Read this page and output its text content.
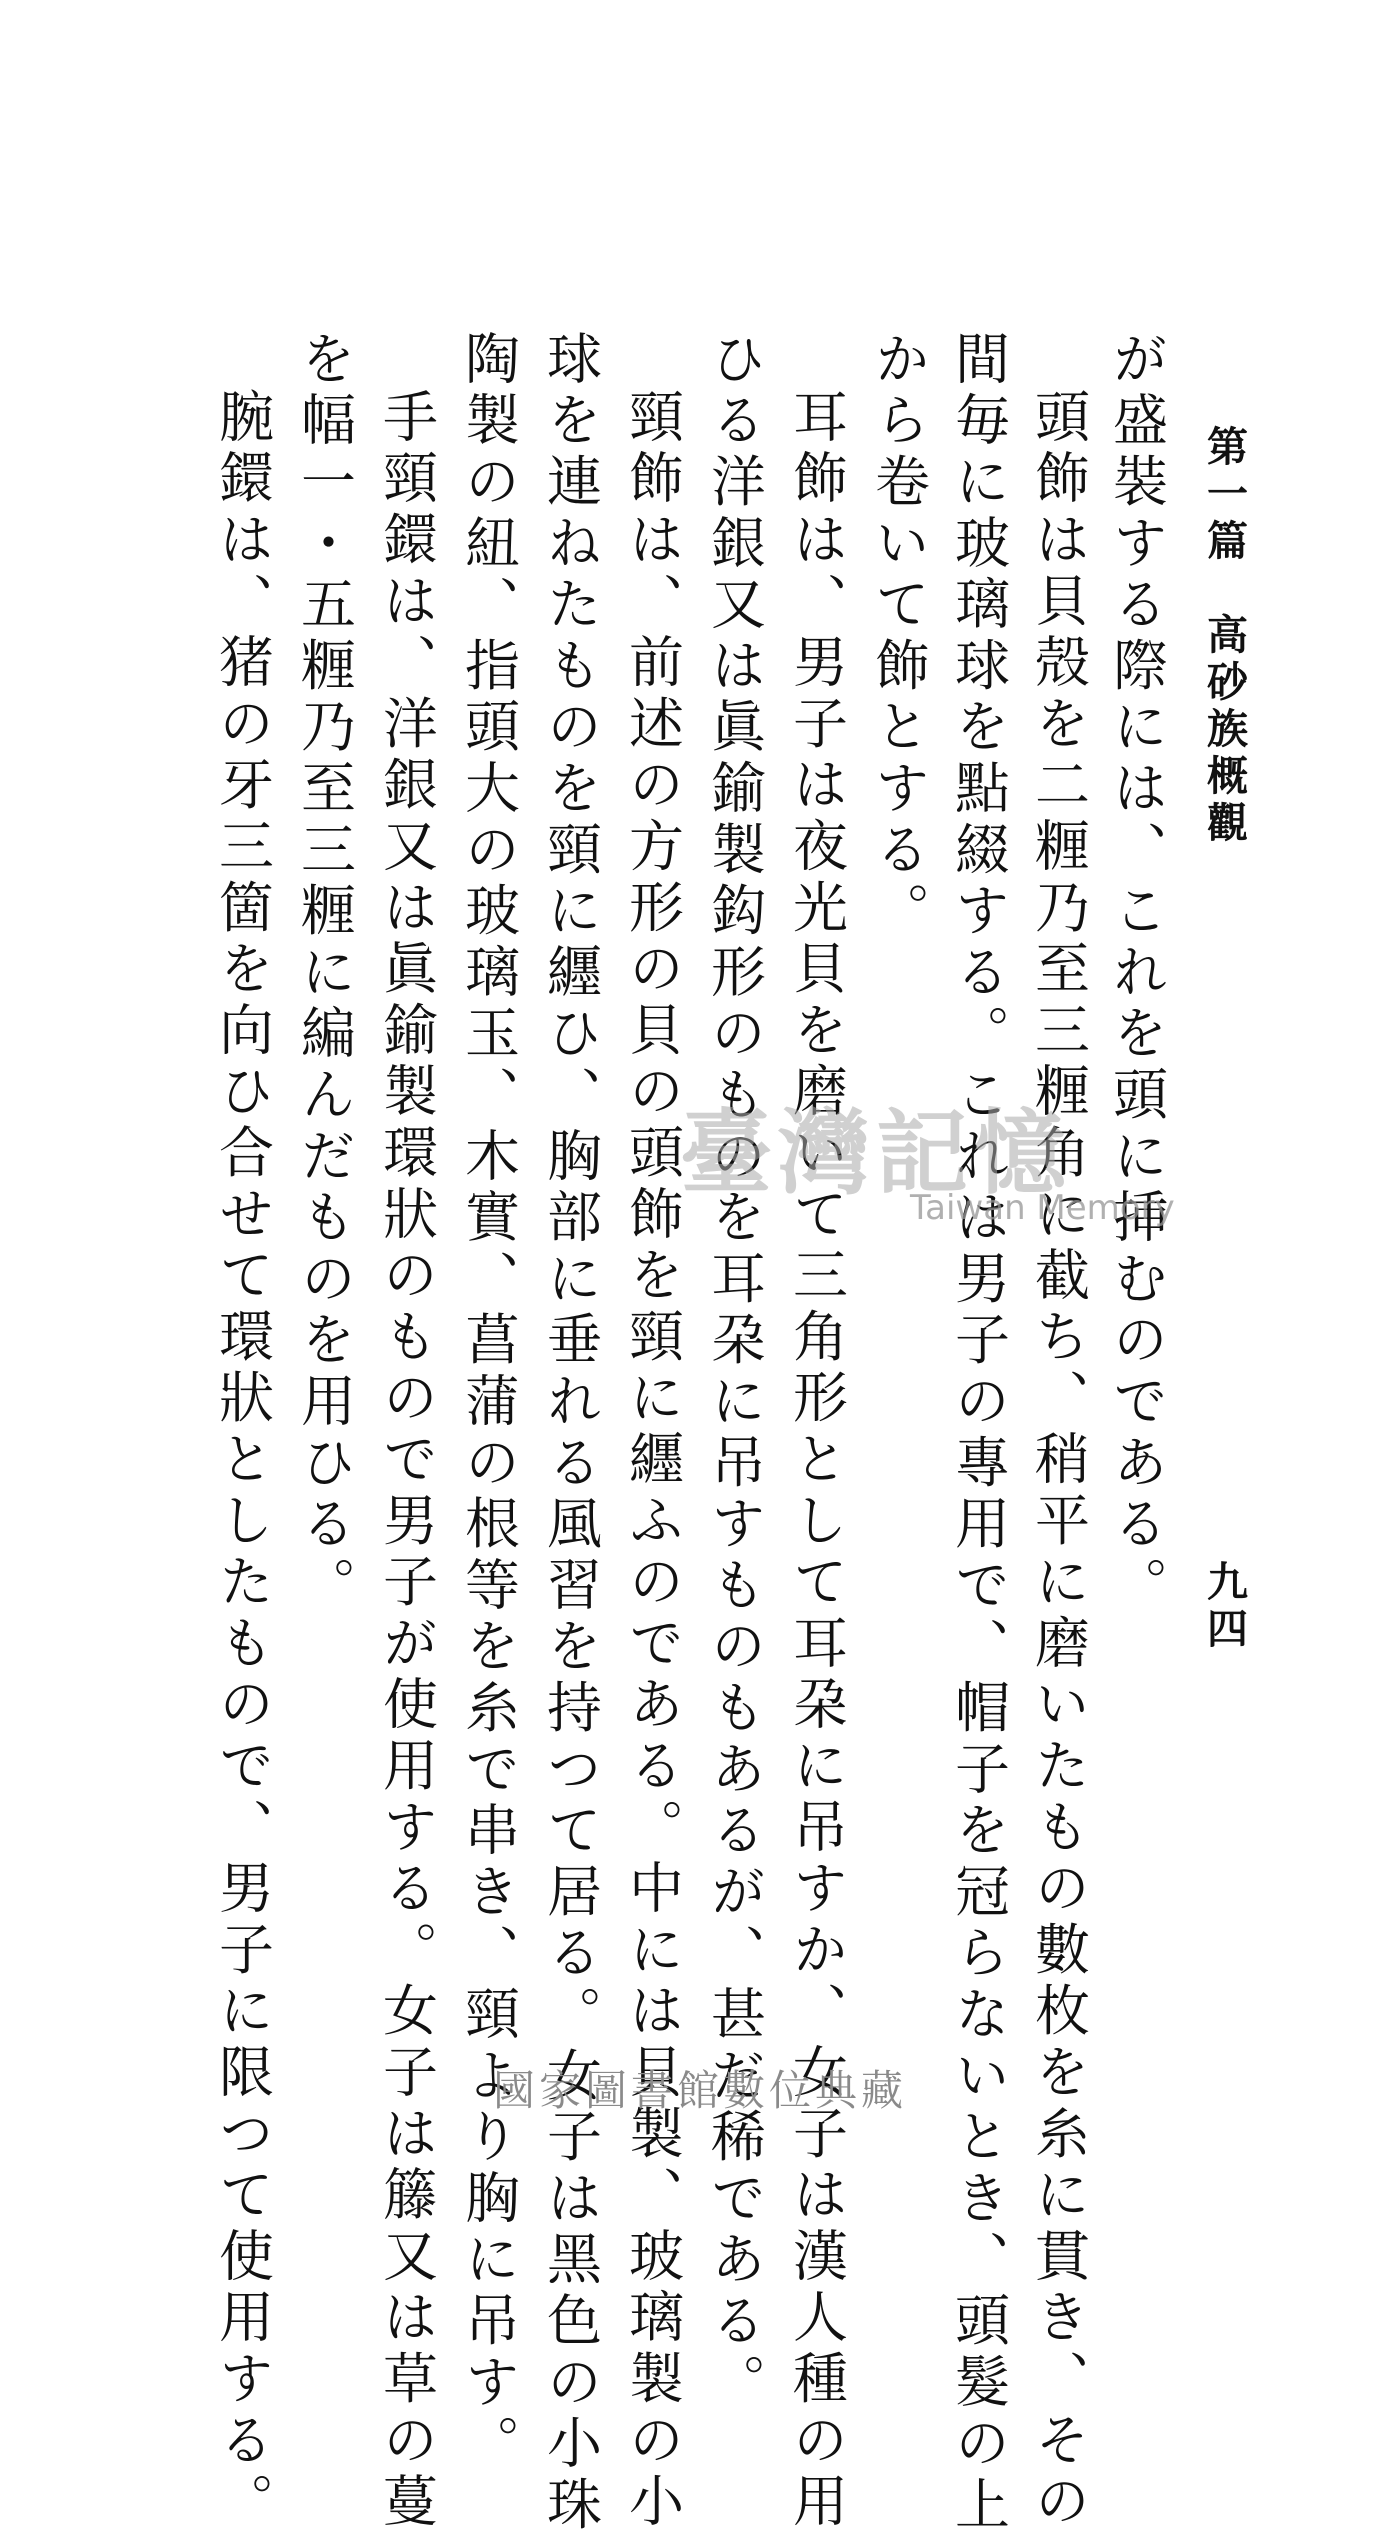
第一篇　高砂族概觀
九四
が盛裝する際には、これを頭に挿むのである。
頭飾は貝殻を二糎乃至三糎角に截ち、稍平に磨いたもの數枚を糸に貫き、その
間毎に玻璃球を點綴する。これは男子の專用で、帽子を冠らないとき、頭髮の上
から卷いて飾とする。
耳飾は、男子は夜光貝を磨いて三角形として耳朶に吊すか、女子は漢人種の用
ひる洋銀又は眞鍮製鈎形のものを耳朶に吊すものもあるが、甚だ稀である。
頸飾は、前述の方形の貝の頭飾を頸に纒ふのである。中には貝製、玻璃製の小
球を連ねたものを頸に纒ひ、胸部に垂れる風習を持つて居る。女子は黑色の小珠
陶製の紐、指頭大の玻璃玉、木實、菖蒲の根等を糸で串き、頸より胸に吊す。
手頸鐶は、洋銀又は眞鍮製環狀のもので男子が使用する。女子は籐又は草の蔓
を幅一・五糎乃至三糎に編んだものを用ひる。
腕鐶は、猪の牙三箇を向ひ合せて環狀としたもので、男子に限つて使用する。	臺灣記憶
Taiwan Memory
國家圖書館數位典藏
